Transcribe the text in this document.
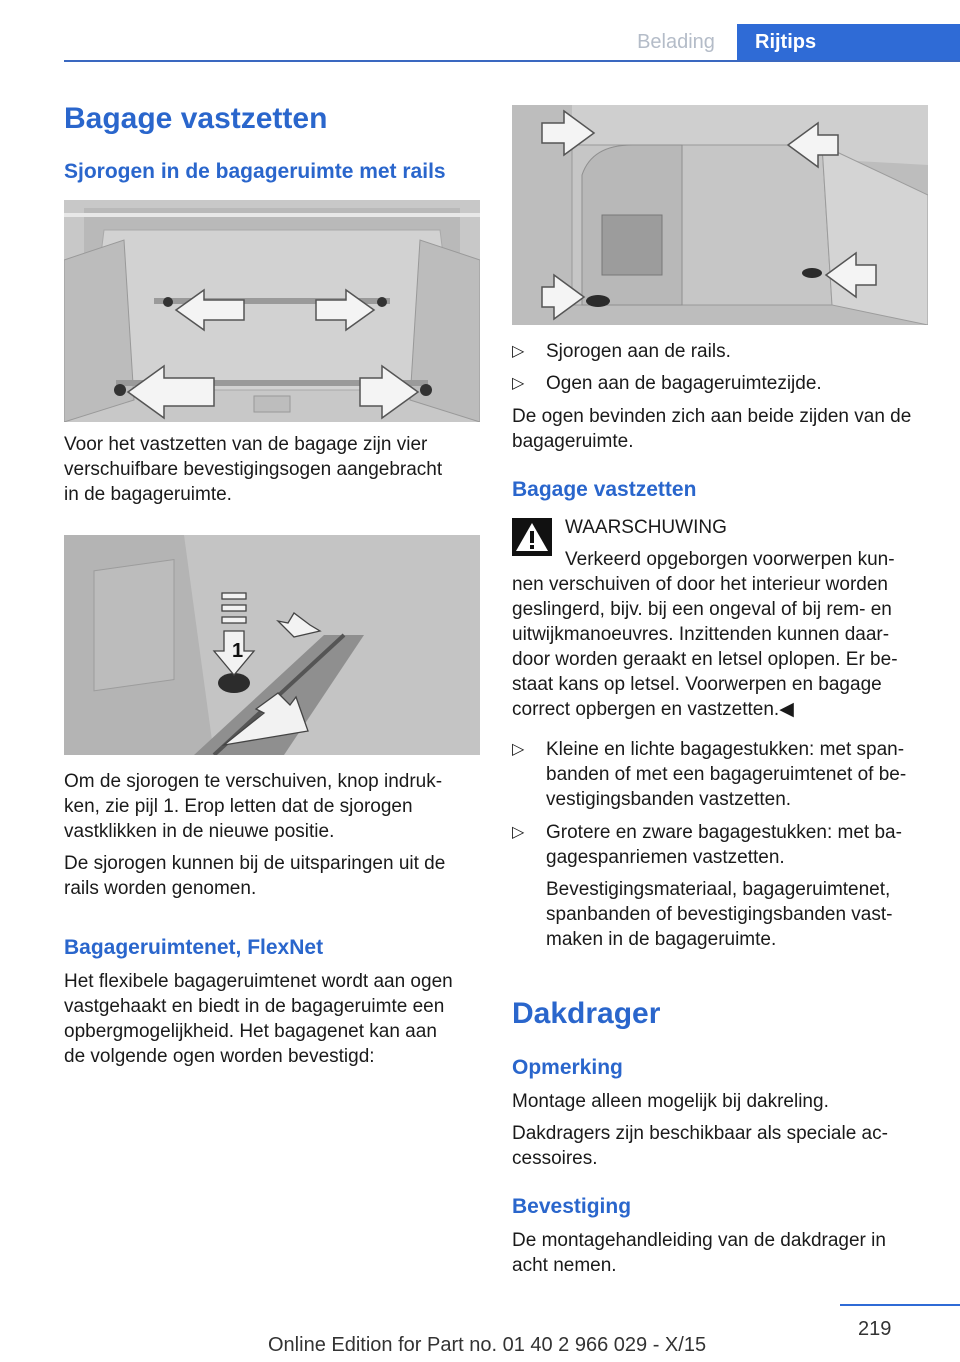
Belading	Rijtips
Bagage vastzetten
Sjorogen in de bagageruimte met rails
Voor het vastzetten van de bagage zijn vier
verschuifbare bevestigingsogen aangebracht
in de bagageruimte.
1
Om de sjorogen te verschuiven, knop indruk-
ken, zie pijl 1. Erop letten dat de sjorogen
vastklikken in de nieuwe positie.
De sjorogen kunnen bij de uitsparingen uit de
rails worden genomen.
Bagageruimtenet, FlexNet
Het flexibele bagageruimtenet wordt aan ogen
vastgehaakt en biedt in de bagageruimte een
opbergmogelijkheid. Het bagagenet kan aan
de volgende ogen worden bevestigd:
▷ Sjorogen aan de rails.
▷ Ogen aan de bagageruimtezijde.
De ogen bevinden zich aan beide zijden van de
bagageruimte.
Bagage vastzetten
WAARSCHUWING
Verkeerd opgeborgen voorwerpen kun-
nen verschuiven of door het interieur worden
geslingerd, bijv. bij een ongeval of bij rem- en
uitwijkmanoeuvres. Inzittenden kunnen daar-
door worden geraakt en letsel oplopen. Er be-
staat kans op letsel. Voorwerpen en bagage
correct opbergen en vastzetten.◀
▷ Kleine en lichte bagagestukken: met span-
banden of met een bagageruimtenet of be-
vestigingsbanden vastzetten.
▷ Grotere en zware bagagestukken: met ba-
gagespanriemen vastzetten.
Bevestigingsmateriaal, bagageruimtenet,
spanbanden of bevestigingsbanden vast-
maken in de bagageruimte.
Dakdrager
Opmerking
Montage alleen mogelijk bij dakreling.
Dakdragers zijn beschikbaar als speciale ac-
cessoires.
Bevestiging
De montagehandleiding van de dakdrager in
acht nemen.
219
Online Edition for Part no. 01 40 2 966 029 - X/15
